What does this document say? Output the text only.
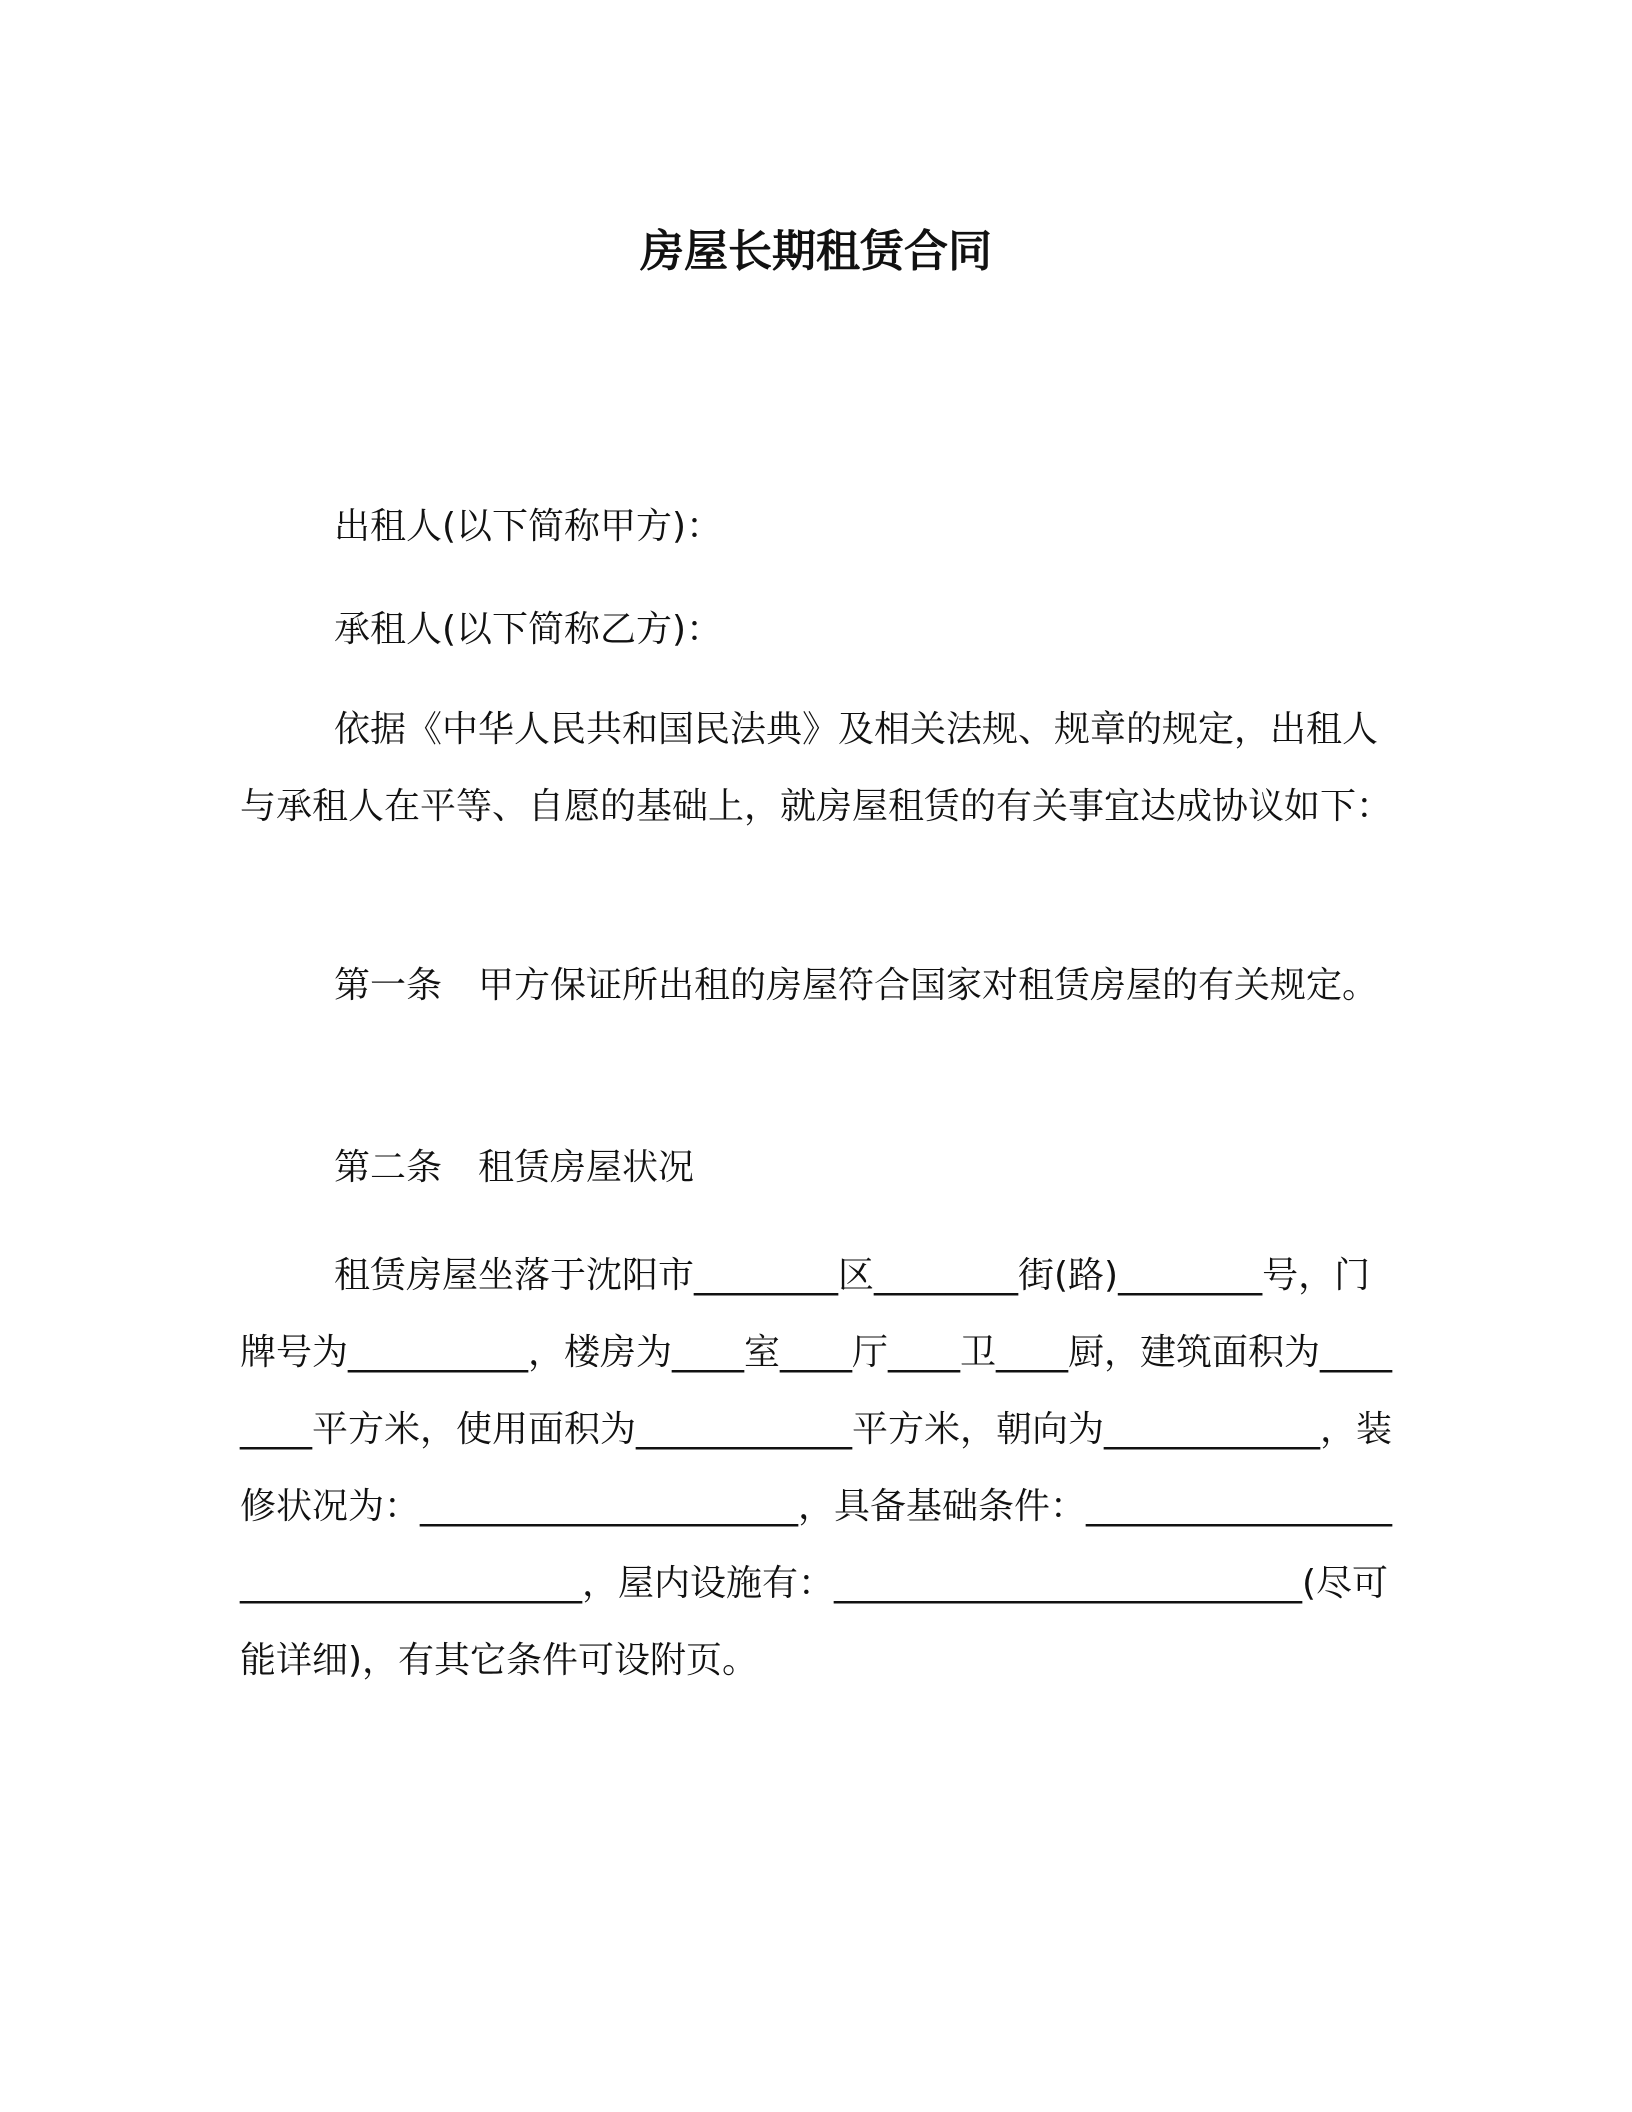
房屋长期租赁合同

出租人(以下简称甲方)：

承租人(以下简称乙方)：

依据《中华人民共和国民法典》及相关法规、规章的规定，出租人与承租人在平等、自愿的基础上，就房屋租赁的有关事宜达成协议如下：

第一条　甲方保证所出租的房屋符合国家对租赁房屋的有关规定。

第二条　租赁房屋状况

租赁房屋坐落于沈阳市________区________街(路)________号，门牌号为__________，楼房为____室____厅____卫____厨，建筑面积为________平方米，使用面积为____________平方米，朝向为____________，装修状况为：_____________________，具备基础条件：____________________________________，屋内设施有：__________________________(尽可能详细)，有其它条件可设附页。
